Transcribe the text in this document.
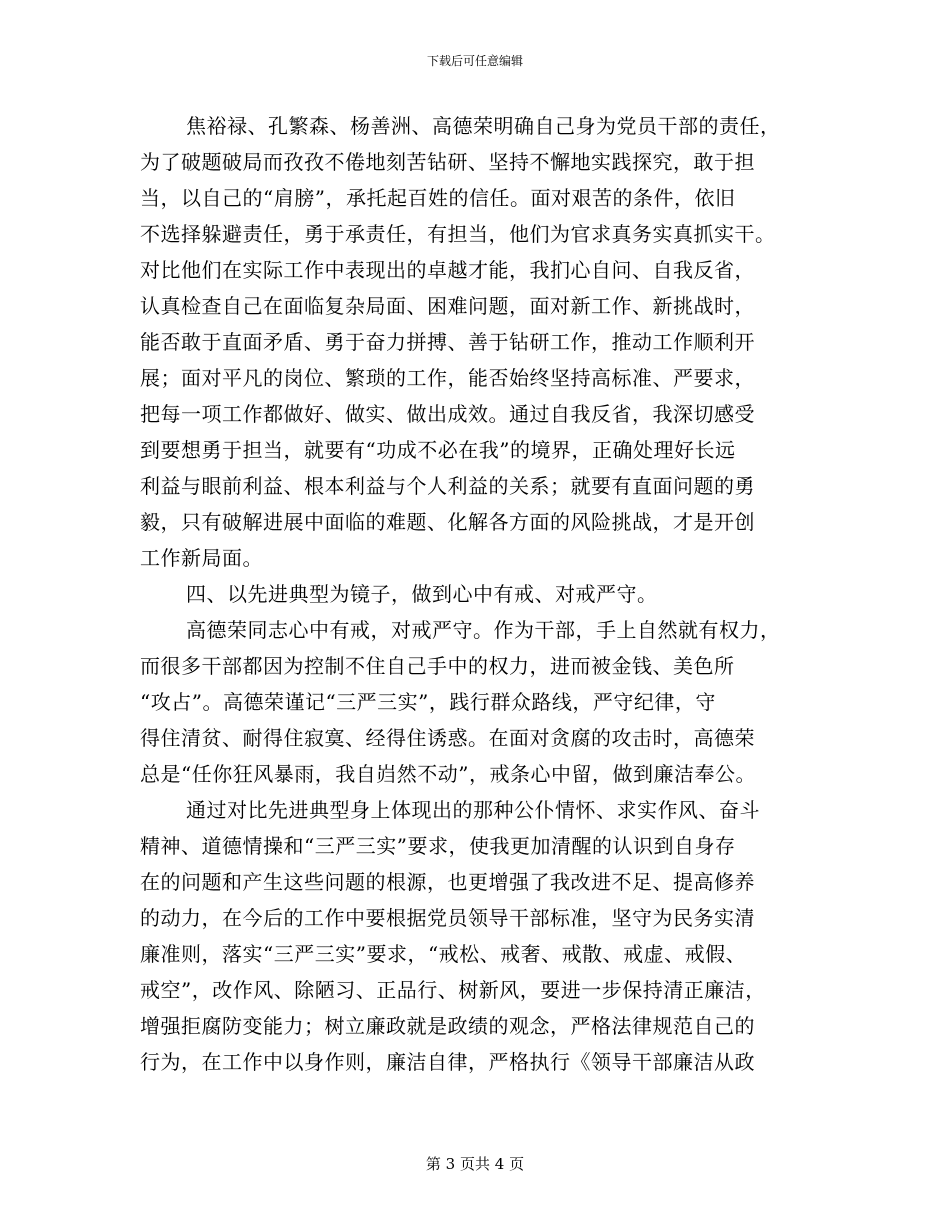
下载后可任意编辑
焦裕禄、孔繁森、杨善洲、高德荣明确自己身为党员干部的责任，
为了破题破局而孜孜不倦地刻苦钻研、坚持不懈地实践探究，敢于担
当，以自己的“肩膀”，承托起百姓的信任。面对艰苦的条件，依旧
不选择躲避责任，勇于承责任，有担当，他们为官求真务实真抓实干。
对比他们在实际工作中表现出的卓越才能，我扪心自问、自我反省，
认真检查自己在面临复杂局面、困难问题，面对新工作、新挑战时，
能否敢于直面矛盾、勇于奋力拼搏、善于钻研工作，推动工作顺利开
展；面对平凡的岗位、繁琐的工作，能否始终坚持高标准、严要求，
把每一项工作都做好、做实、做出成效。通过自我反省，我深切感受
到要想勇于担当，就要有“功成不必在我”的境界，正确处理好长远
利益与眼前利益、根本利益与个人利益的关系；就要有直面问题的勇
毅，只有破解进展中面临的难题、化解各方面的风险挑战，才是开创
工作新局面。
四、以先进典型为镜子，做到心中有戒、对戒严守。
高德荣同志心中有戒，对戒严守。作为干部，手上自然就有权力，
而很多干部都因为控制不住自己手中的权力，进而被金钱、美色所
“攻占”。高德荣谨记“三严三实”，践行群众路线，严守纪律，守
得住清贫、耐得住寂寞、经得住诱惑。在面对贪腐的攻击时，高德荣
总是“任你狂风暴雨，我自岿然不动”，戒条心中留，做到廉洁奉公。
通过对比先进典型身上体现出的那种公仆情怀、求实作风、奋斗
精神、道德情操和“三严三实”要求，使我更加清醒的认识到自身存
在的问题和产生这些问题的根源，也更增强了我改进不足、提高修养
的动力，在今后的工作中要根据党员领导干部标准，坚守为民务实清
廉准则，落实“三严三实”要求，“戒松、戒奢、戒散、戒虚、戒假、
戒空”，改作风、除陋习、正品行、树新风，要进一步保持清正廉洁，
增强拒腐防变能力；树立廉政就是政绩的观念，严格法律规范自己的
行为，在工作中以身作则，廉洁自律，严格执行《领导干部廉洁从政
第 3 页共 4 页
